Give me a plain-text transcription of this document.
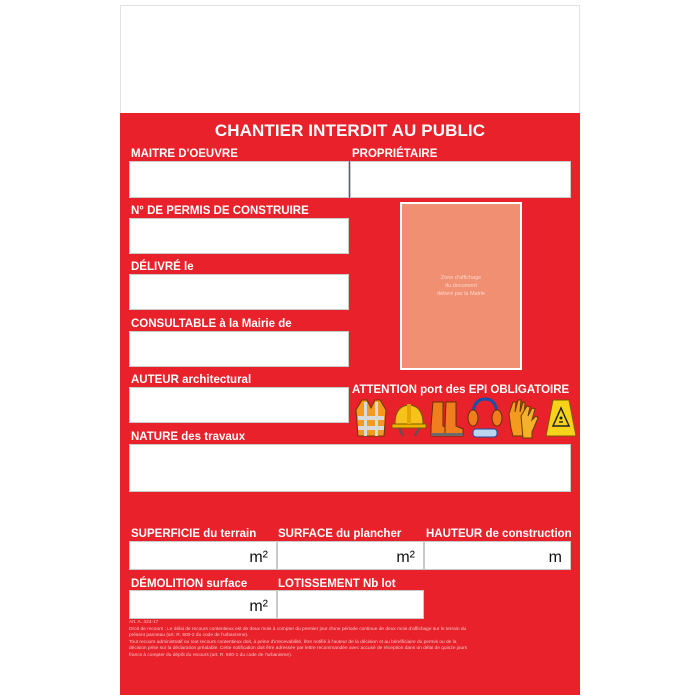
CHANTIER INTERDIT AU PUBLIC
MAITRE D'OEUVRE	PROPRIÉTAIRE
N° DE PERMIS DE CONSTRUIRE
DÉLIVRÉ le
CONSULTABLE à la Mairie de
Zone d'affichage
du document
délivré par la Mairie
AUTEUR architectural
ATTENTION port des EPI OBLIGATOIRE
NATURE des travaux
SUPERFICIE du terrain
m²
SURFACE du plancher
m²
HAUTEUR de construction
m
DÉMOLITION surface
m²
LOTISSEMENT Nb lot
Art. A. 424-17
Droit de recours : Le délai de recours contentieux est de deux mois à compter du premier jour d'une période continue de deux mois d'affichage sur le terrain du
présent panneau (art. R. 600-2 du code de l'urbanisme).
Tout recours administratif ou tout recours contentieux doit, à peine d'irrecevabilité, être notifié à l'auteur de la décision et au bénéficiaire du permis ou de la
décision prise sur la déclaration préalable. Cette notification doit être adressée par lettre recommandée avec accusé de réception dans un délai de quinze jours
francs à compter du dépôt du recours (art. R. 600-1 du code de l'urbanisme).
